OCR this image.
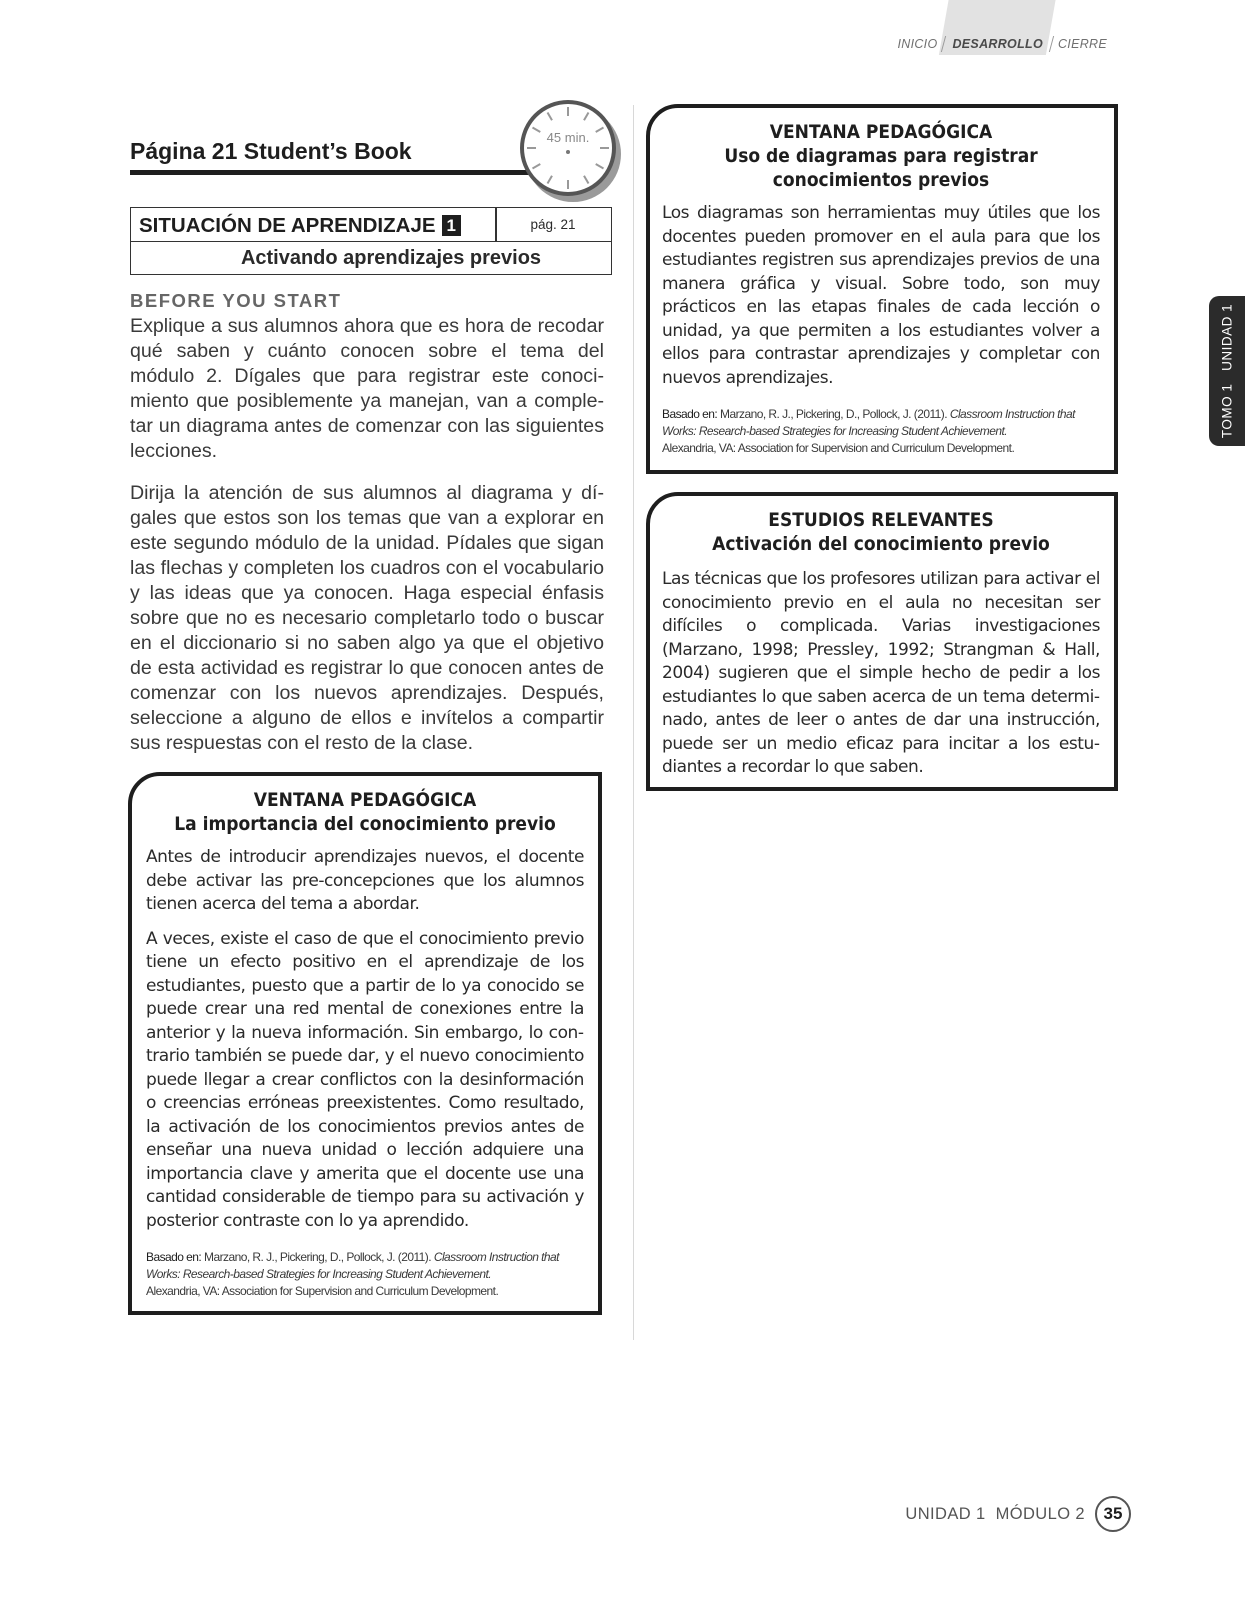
INICIO DESARROLLO CIERRE
TOMO 1   UNIDAD 1
Página 21 Student’s Book
45 min.
SITUACIÓN DE APRENDIZAJE 1	pág. 21
Activando aprendizajes previos
BEFORE YOU START
Explique a sus alumnos ahora que es hora de recodar qué saben y cuánto conocen sobre el tema del módulo 2. Dígales que para registrar este conocimiento que posiblemente ya manejan, van a completar un diagrama antes de comenzar con las siguientes lecciones.
Dirija la atención de sus alumnos al diagrama y dígales que estos son los temas que van a explorar en este segundo módulo de la unidad. Pídales que sigan las flechas y completen los cuadros con el vocabulario y las ideas que ya conocen. Haga especial énfasis sobre que no es necesario completarlo todo o buscar en el diccionario si no saben algo ya que el objetivo de esta actividad es registrar lo que conocen antes de comenzar con los nuevos aprendizajes. Después, seleccione a alguno de ellos e invítelos a compartir sus respuestas con el resto de la clase.
VENTANA PEDAGÓGICA
La importancia del conocimiento previo

Antes de introducir aprendizajes nuevos, el docente debe activar las pre-concepciones que los alumnos tienen acerca del tema a abordar.

A veces, existe el caso de que el conocimiento previo tiene un efecto positivo en el aprendizaje de los estudiantes, puesto que a partir de lo ya conocido se puede crear una red mental de conexiones entre la anterior y la nueva información. Sin embargo, lo contrario también se puede dar, y el nuevo conocimiento puede llegar a crear conflictos con la desinformación o creencias erróneas preexistentes. Como resultado, la activación de los conocimientos previos antes de enseñar una nueva unidad o lección adquiere una importancia clave y amerita que el docente use una cantidad considerable de tiempo para su activación y posterior contraste con lo ya aprendido.

Basado en: Marzano, R. J., Pickering, D., Pollock, J. (2011). Classroom Instruction that Works: Research-based Strategies for Increasing Student Achievement.
Alexandria, VA: Association for Supervision and Curriculum Development.

VENTANA PEDAGÓGICA
Uso de diagramas para registrar conocimientos previos

Los diagramas son herramientas muy útiles que los docentes pueden promover en el aula para que los estudiantes registren sus aprendizajes previos de una manera gráfica y visual. Sobre todo, son muy prácticos en las etapas finales de cada lección o unidad, ya que permiten a los estudiantes volver a ellos para contrastar aprendizajes y completar con nuevos aprendizajes.

Basado en: Marzano, R. J., Pickering, D., Pollock, J. (2011). Classroom Instruction that Works: Research-based Strategies for Increasing Student Achievement.
Alexandria, VA: Association for Supervision and Curriculum Development.

ESTUDIOS RELEVANTES
Activación del conocimiento previo

Las técnicas que los profesores utilizan para activar el conocimiento previo en el aula no necesitan ser difíciles o complicada. Varias investigaciones (Marzano, 1998; Pressley, 1992; Strangman & Hall, 2004) sugieren que el simple hecho de pedir a los estudiantes lo que saben acerca de un tema determinado, antes de leer o antes de dar una instrucción, puede ser un medio eficaz para incitar a los estudiantes a recordar lo que saben.

UNIDAD 1 MÓDULO 2	35
